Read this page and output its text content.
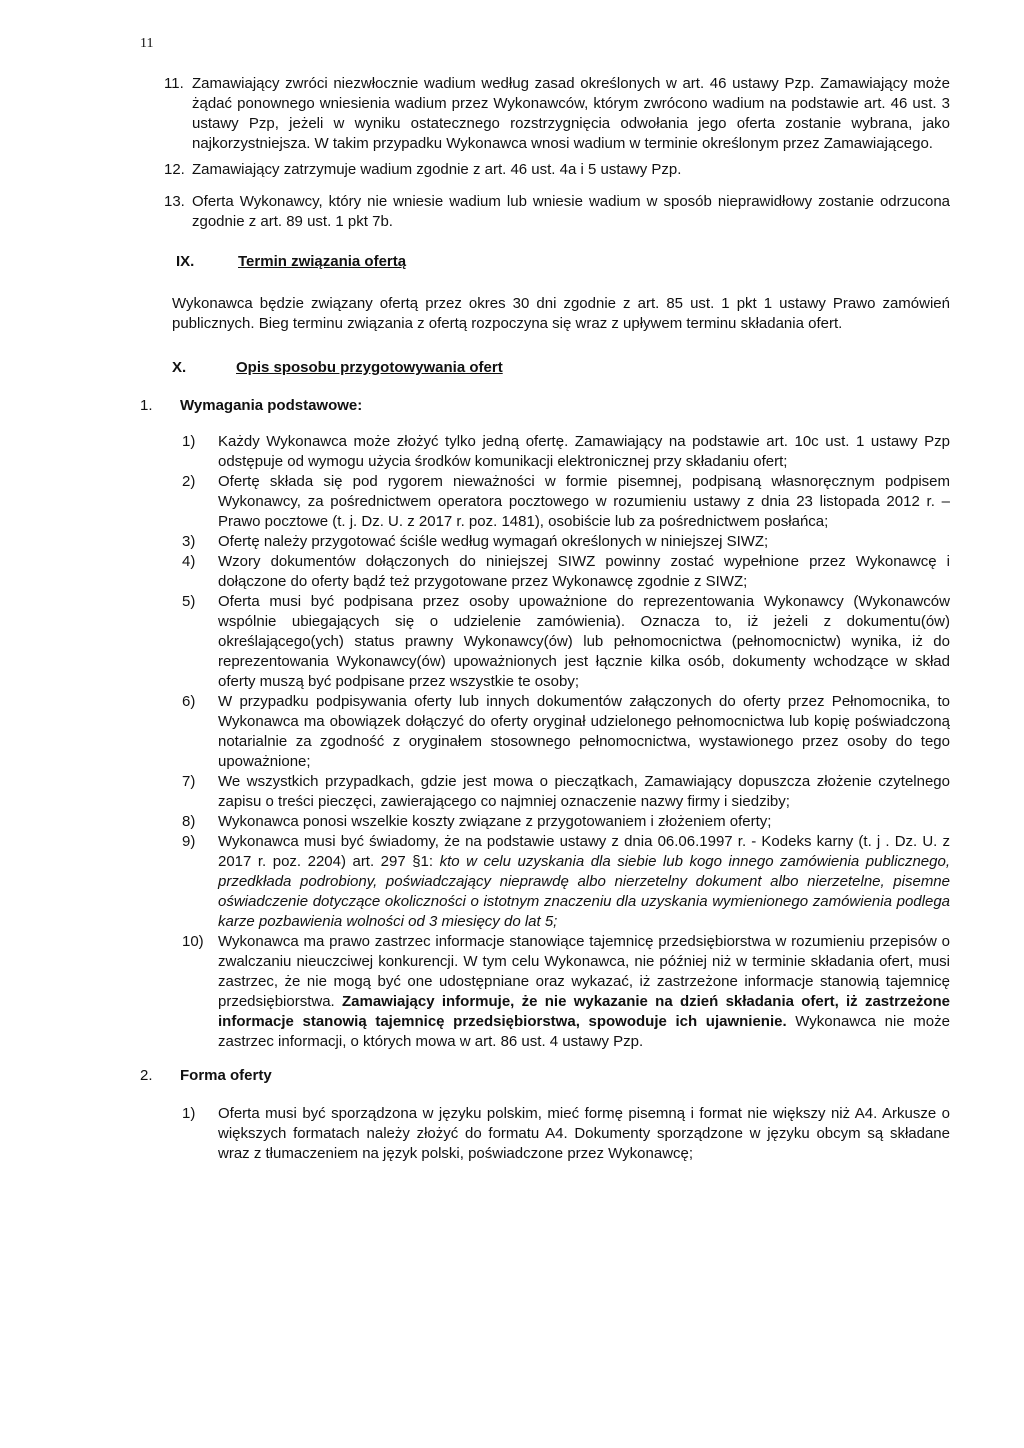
11
11. Zamawiający zwróci niezwłocznie wadium według zasad określonych w art. 46 ustawy Pzp. Zamawiający może żądać ponownego wniesienia wadium przez Wykonawców, którym zwrócono wadium na podstawie art. 46 ust. 3 ustawy Pzp, jeżeli w wyniku ostatecznego rozstrzygnięcia odwołania jego oferta zostanie wybrana, jako najkorzystniejsza. W takim przypadku Wykonawca wnosi wadium w terminie określonym przez Zamawiającego.
12. Zamawiający zatrzymuje wadium zgodnie z art. 46 ust. 4a i 5 ustawy Pzp.
13. Oferta Wykonawcy, który nie wniesie wadium lub wniesie wadium w sposób nieprawidłowy zostanie odrzucona zgodnie z art. 89 ust. 1 pkt 7b.
IX.	Termin związania ofertą
Wykonawca będzie związany ofertą przez okres 30 dni zgodnie z art. 85 ust. 1 pkt 1 ustawy Prawo zamówień publicznych. Bieg terminu związania z ofertą rozpoczyna się wraz z upływem terminu składania ofert.
X.	Opis sposobu przygotowywania ofert
1.	Wymagania podstawowe:
1)	Każdy Wykonawca może złożyć tylko jedną ofertę. Zamawiający na podstawie art. 10c ust. 1 ustawy Pzp odstępuje od wymogu użycia środków komunikacji elektronicznej przy składaniu ofert;
2)	Ofertę składa się pod rygorem nieważności w formie pisemnej, podpisaną własnoręcznym podpisem Wykonawcy, za pośrednictwem operatora pocztowego w rozumieniu ustawy z dnia 23 listopada 2012 r. – Prawo pocztowe (t. j. Dz. U. z 2017 r. poz. 1481), osobiście lub za pośrednictwem posłańca;
3)	Ofertę należy przygotować ściśle według wymagań określonych w niniejszej SIWZ;
4)	Wzory dokumentów dołączonych do niniejszej SIWZ powinny zostać wypełnione przez Wykonawcę i dołączone do oferty bądź też przygotowane przez Wykonawcę zgodnie z SIWZ;
5)	Oferta musi być podpisana przez osoby upoważnione do reprezentowania Wykonawcy (Wykonawców wspólnie ubiegających się o udzielenie zamówienia). Oznacza to, iż jeżeli z dokumentu(ów) określającego(ych) status prawny Wykonawcy(ów) lub pełnomocnictwa (pełnomocnictw) wynika, iż do reprezentowania Wykonawcy(ów) upoważnionych jest łącznie kilka osób, dokumenty wchodzące w skład oferty muszą być podpisane przez wszystkie te osoby;
6)	W przypadku podpisywania oferty lub innych dokumentów załączonych do oferty przez Pełnomocnika, to Wykonawca ma obowiązek dołączyć do oferty oryginał udzielonego pełnomocnictwa lub kopię poświadczoną notarialnie za zgodność z oryginałem stosownego pełnomocnictwa, wystawionego przez osoby do tego upoważnione;
7)	We wszystkich przypadkach, gdzie jest mowa o pieczątkach, Zamawiający dopuszcza złożenie czytelnego zapisu o treści pieczęci, zawierającego co najmniej oznaczenie nazwy firmy i siedziby;
8)	Wykonawca ponosi wszelkie koszty związane z przygotowaniem i złożeniem oferty;
9)	Wykonawca musi być świadomy, że na podstawie ustawy z dnia 06.06.1997 r. - Kodeks karny (t. j . Dz. U. z 2017 r. poz. 2204) art. 297 §1: kto w celu uzyskania dla siebie lub kogo innego zamówienia publicznego, przedkłada podrobiony, poświadczający nieprawdę albo nierzetelny dokument albo nierzetelne, pisemne oświadczenie dotyczące okoliczności o istotnym znaczeniu dla uzyskania wymienionego zamówienia podlega karze pozbawienia wolności od 3 miesięcy do lat 5;
10) Wykonawca ma prawo zastrzec informacje stanowiące tajemnicę przedsiębiorstwa w rozumieniu przepisów o zwalczaniu nieuczciwej konkurencji. W tym celu Wykonawca, nie później niż w terminie składania ofert, musi zastrzec, że nie mogą być one udostępniane oraz wykazać, iż zastrzeżone informacje stanowią tajemnicę przedsiębiorstwa. Zamawiający informuje, że nie wykazanie na dzień składania ofert, iż zastrzeżone informacje stanowią tajemnicę przedsiębiorstwa, spowoduje ich ujawnienie. Wykonawca nie może zastrzec informacji, o których mowa w art. 86 ust. 4 ustawy Pzp.
2.	Forma oferty
1)	Oferta musi być sporządzona w języku polskim, mieć formę pisemną i format nie większy niż A4. Arkusze o większych formatach należy złożyć do formatu A4. Dokumenty sporządzone w języku obcym są składane wraz z tłumaczeniem na język polski, poświadczone przez Wykonawcę;
